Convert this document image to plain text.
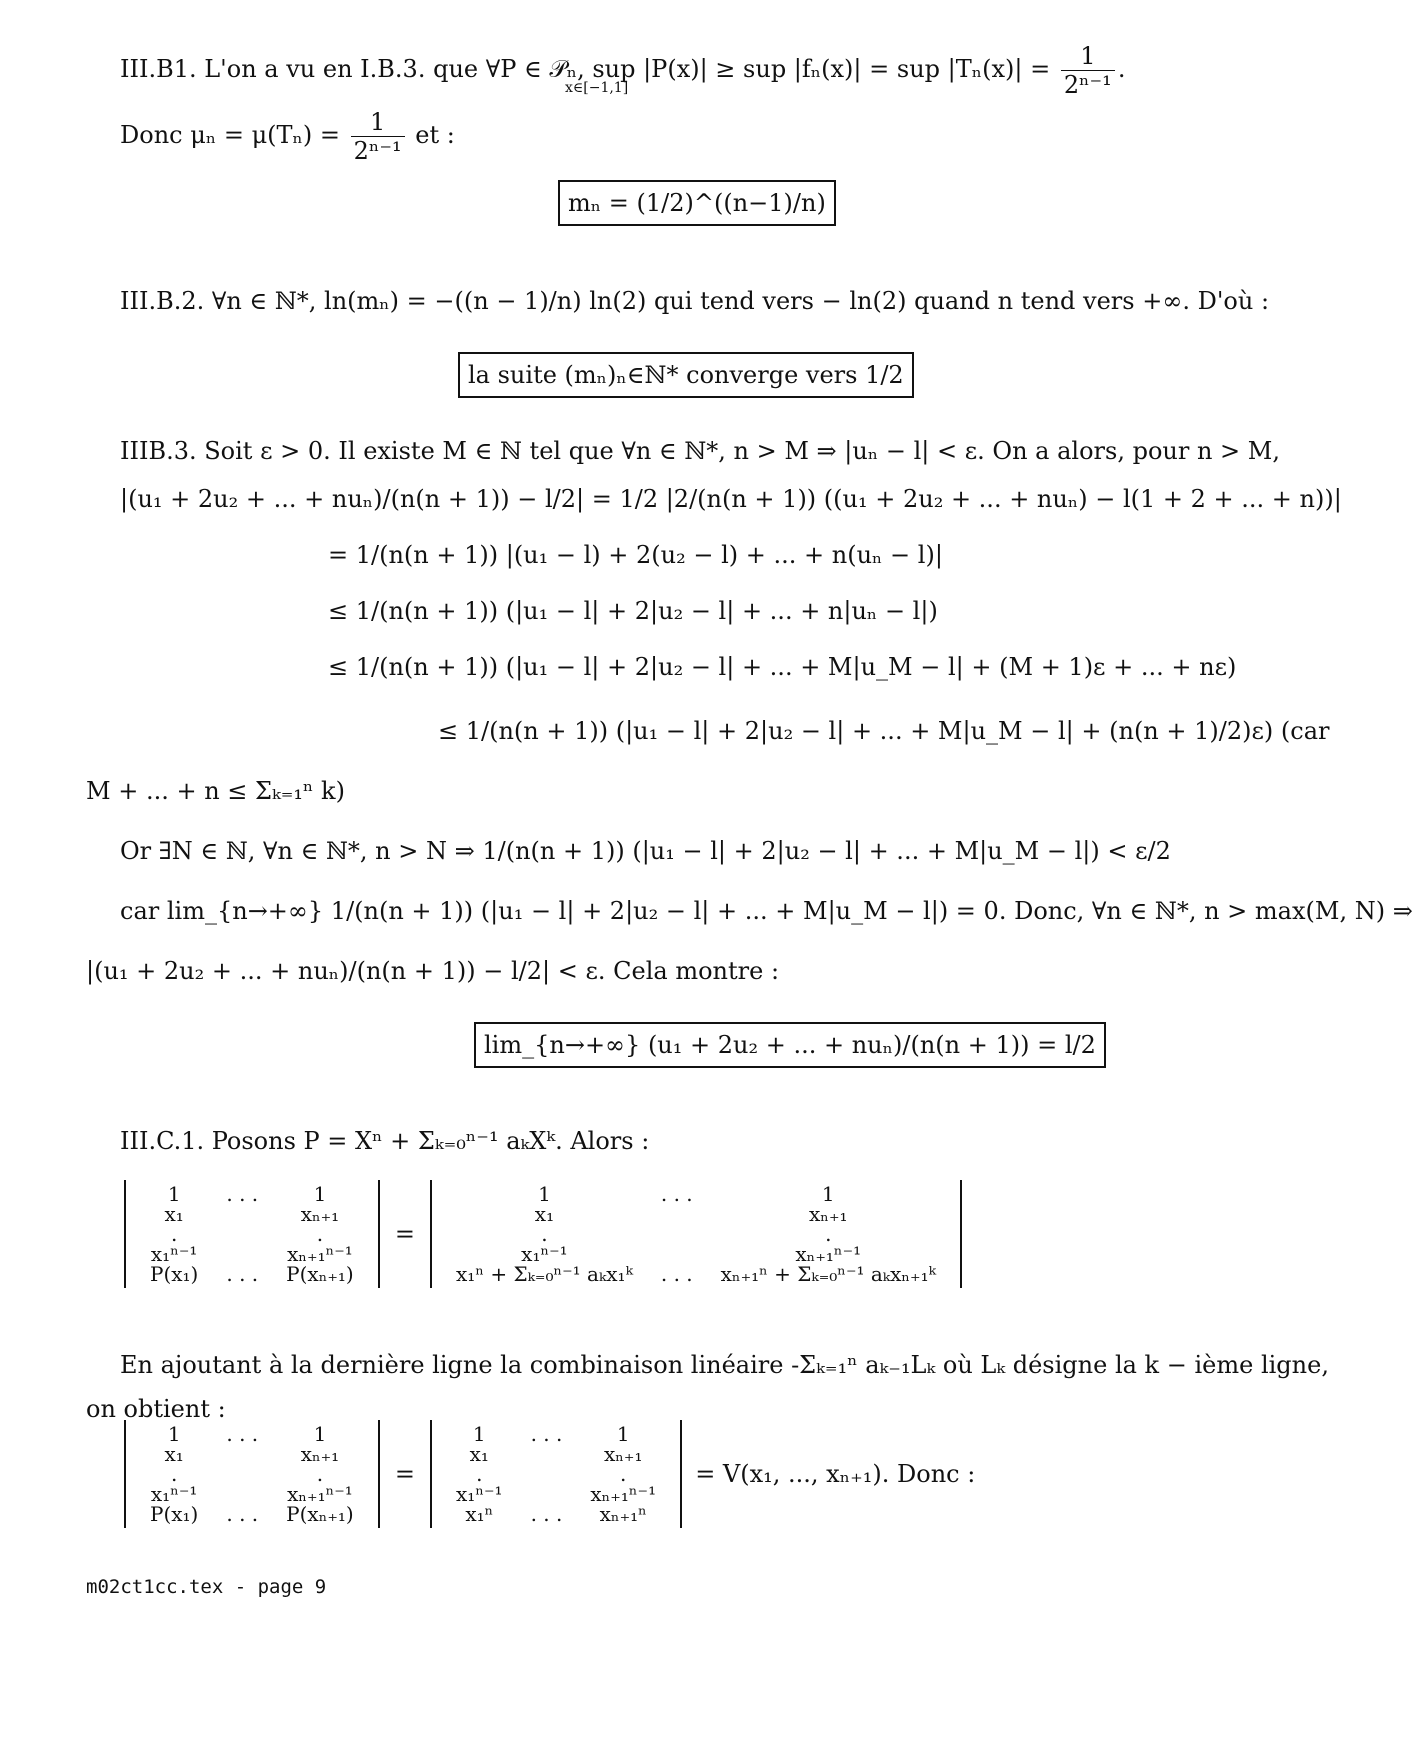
III.B1. L'on a vu en I.B.3. que ∀P ∈ 𝒫ₙ, sup |P(x)| ≥ sup |fₙ(x)| = sup $|T_n(x)| = \frac{1}{\text{2ⁿ⁻¹}}$ .
x∈[−1,1]
Donc $\mu_n = \mu(T_n) = \frac{1}{\text{2ⁿ⁻¹}}$ et :
mₙ = (1/2)^((n−1)/n)
III.B.2. ∀n ∈ ℕ*, ln(mₙ) = −((n − 1)/n) ln(2) qui tend vers − ln(2) quand n tend vers +∞. D'où :
la suite (mₙ)ₙ∈ℕ* converge vers 1/2
IIIB.3. Soit ε > 0. Il existe M ∈ ℕ tel que ∀n ∈ ℕ*, n > M ⇒ |uₙ − l| < ε. On a alors, pour n > M,
|(u₁ + 2u₂ + ... + nuₙ)/(n(n + 1)) − l/2| = 1/2 |2/(n(n + 1)) ((u₁ + 2u₂ + ... + nuₙ) − l(1 + 2 + ... + n))|
= 1/(n(n + 1)) |(u₁ − l) + 2(u₂ − l) + ... + n(uₙ − l)|
≤ 1/(n(n + 1)) (|u₁ − l| + 2|u₂ − l| + ... + n|uₙ − l|)
≤ 1/(n(n + 1)) (|u₁ − l| + 2|u₂ − l| + ... + M|u_M − l| + (M + 1)ε + ... + nε)
≤ 1/(n(n + 1)) (|u₁ − l| + 2|u₂ − l| + ... + M|u_M − l| + (n(n + 1)/2)ε) (car
M + ... + n ≤ Σₖ₌₁ⁿ k)
Or ∃N ∈ ℕ, ∀n ∈ ℕ*, n > N ⇒ 1/(n(n + 1)) (|u₁ − l| + 2|u₂ − l| + ... + M|u_M − l|) < ε/2
car lim_{n→+∞} 1/(n(n + 1)) (|u₁ − l| + 2|u₂ − l| + ... + M|u_M − l|) = 0. Donc, ∀n ∈ ℕ*, n > max(M, N) ⇒
|(u₁ + 2u₂ + ... + nuₙ)/(n(n + 1)) − l/2| < ε. Cela montre :
lim_{n→+∞} (u₁ + 2u₂ + ... + nuₙ)/(n(n + 1)) = l/2
III.C.1. Posons P = Xⁿ + Σₖ₌₀ⁿ⁻¹ aₖXᵏ. Alors :
1	. . .	1
x₁		xₙ₊₁
.		.
x₁ⁿ⁻¹		xₙ₊₁ⁿ⁻¹
P(x₁)	. . .	P(xₙ₊₁)
=
1	. . .	1
x₁		xₙ₊₁
.		.
x₁ⁿ⁻¹		xₙ₊₁ⁿ⁻¹
x₁ⁿ + Σₖ₌₀ⁿ⁻¹ aₖx₁ᵏ	. . .	xₙ₊₁ⁿ + Σₖ₌₀ⁿ⁻¹ aₖxₙ₊₁ᵏ
En ajoutant à la dernière ligne la combinaison linéaire -Σₖ₌₁ⁿ aₖ₋₁Lₖ où Lₖ désigne la k − ième ligne,
on obtient :
1	. . .	1
x₁		xₙ₊₁
.		.
x₁ⁿ⁻¹		xₙ₊₁ⁿ⁻¹
P(x₁)	. . .	P(xₙ₊₁)
=
1	. . .	1
x₁		xₙ₊₁
.		.
x₁ⁿ⁻¹		xₙ₊₁ⁿ⁻¹
x₁ⁿ	. . .	xₙ₊₁ⁿ
= V(x₁, ..., xₙ₊₁). Donc :
m02ct1cc.tex - page 9
